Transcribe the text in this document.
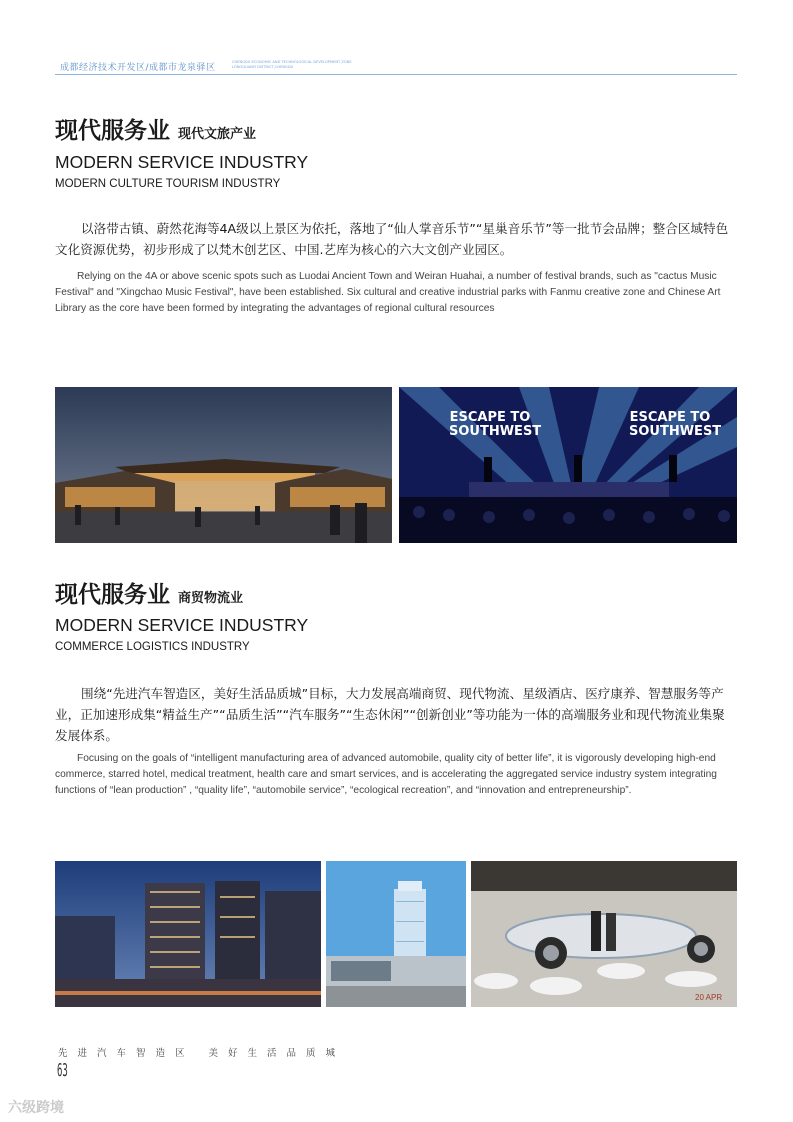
成都经济技术开发区/成都市龙泉驿区
CHENGDU ECONOMIC AND TECHNOLOGICAL DEVELOPMENT ZONE LONGQUANYI DISTRICT,CHENGDU
现代服务业 现代文旅产业
MODERN SERVICE INDUSTRY
MODERN CULTURE TOURISM INDUSTRY
以洛带古镇、蔚然花海等4A级以上景区为依托，落地了“仙人掌音乐节”“星巢音乐节”等一批节会品牌；整合区域特色文化资源优势，初步形成了以梵木创艺区、中国.艺库为核心的六大文创产业园区。
Relying on the 4A or above scenic spots such as Luodai Ancient Town and Weiran Huahai, a number of festival brands, such as "cactus Music Festival" and "Xingchao Music Festival", have been established. Six cultural and creative industrial parks with Fanmu creative zone and Chinese Art Library as the core have been formed by integrating the advantages of regional cultural resources
ESCAPE TO SOUTHWEST
ESCAPE TO SOUTHWEST
现代服务业 商贸物流业
MODERN SERVICE INDUSTRY
COMMERCE LOGISTICS INDUSTRY
围绕“先进汽车智造区，美好生活品质城”目标，大力发展高端商贸、现代物流、星级酒店、医疗康养、智慧服务等产业，正加速形成集“精益生产”“品质生活”“汽车服务”“生态休闲”“创新创业”等功能为一体的高端服务业和现代物流业集聚发展体系。
Focusing on the goals of “intelligent manufacturing area of advanced automobile, quality city of better life”, it is vigorously developing high-end commerce, starred hotel, medical treatment, health care and smart services, and is accelerating the aggregated service industry system integrating functions of “lean production” , “quality life”, “automobile service”, “ecological recreation”, and “innovation and entrepreneurship”.
20 APR
先进汽车智造区 美好生活品质城
63
六级跨境
